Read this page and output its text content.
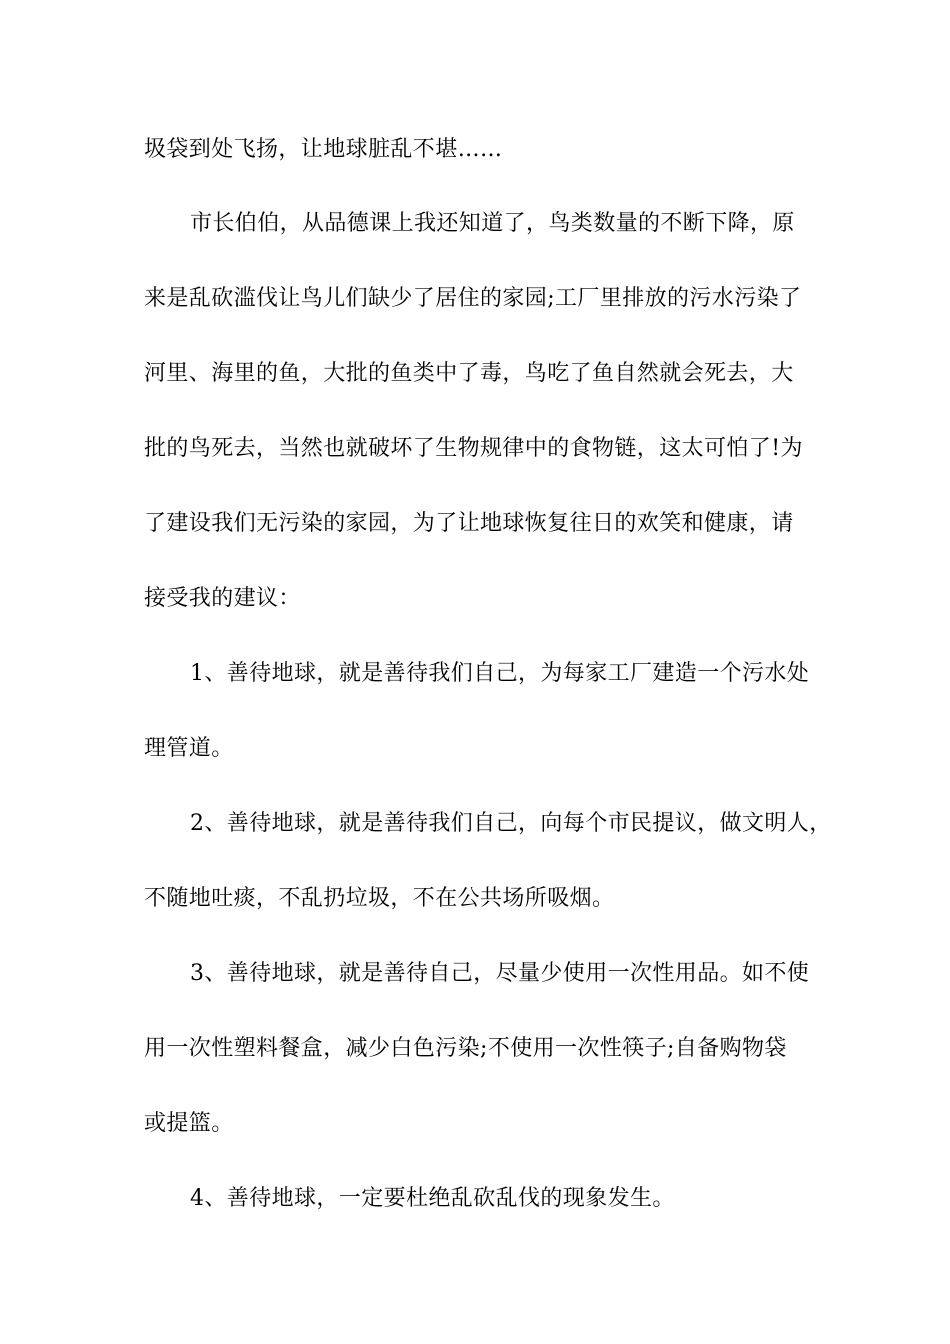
圾袋到处飞扬，让地球脏乱不堪……
市长伯伯，从品德课上我还知道了，鸟类数量的不断下降，原
来是乱砍滥伐让鸟儿们缺少了居住的家园;工厂里排放的污水污染了
河里、海里的鱼，大批的鱼类中了毒，鸟吃了鱼自然就会死去，大
批的鸟死去，当然也就破坏了生物规律中的食物链，这太可怕了!为
了建设我们无污染的家园，为了让地球恢复往日的欢笑和健康，请
接受我的建议：
1、善待地球，就是善待我们自己，为每家工厂建造一个污水处
理管道。
2、善待地球，就是善待我们自己，向每个市民提议，做文明人，
不随地吐痰，不乱扔垃圾，不在公共场所吸烟。
3、善待地球，就是善待自己，尽量少使用一次性用品。如不使
用一次性塑料餐盒，减少白色污染;不使用一次性筷子;自备购物袋
或提篮。
4、善待地球，一定要杜绝乱砍乱伐的现象发生。
